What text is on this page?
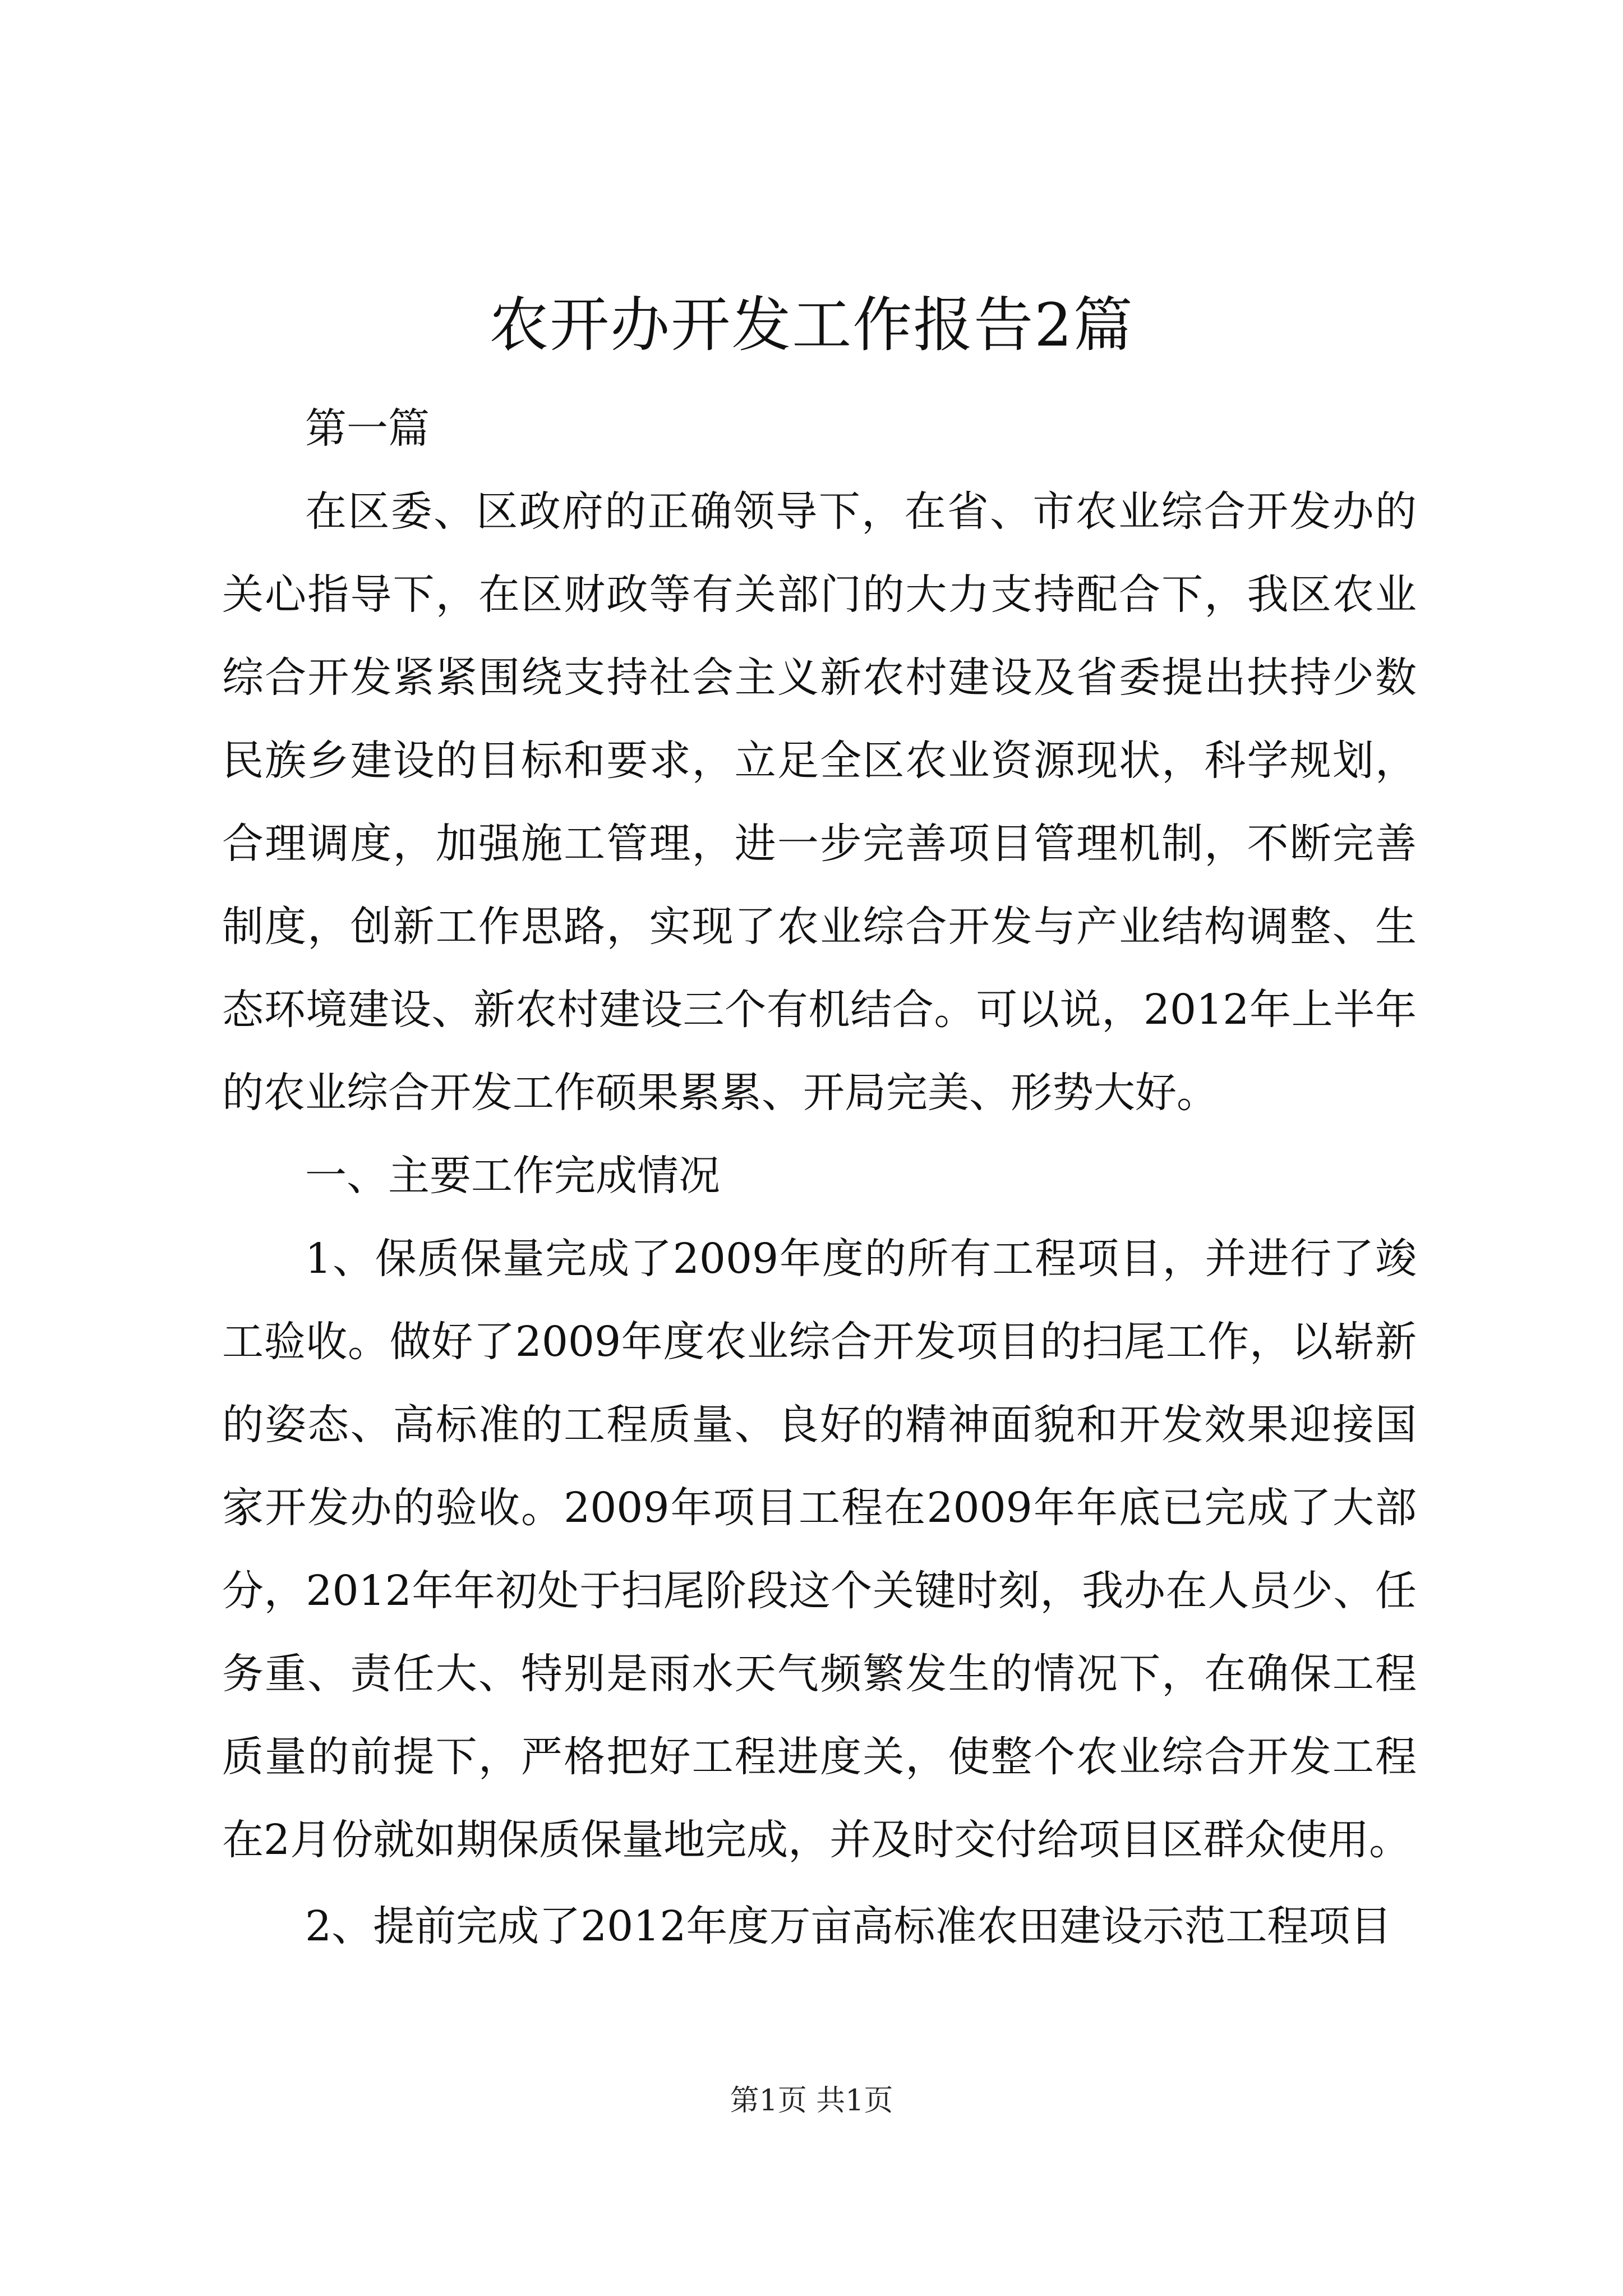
农开办开发工作报告2篇

第一篇

在区委、区政府的正确领导下，在省、市农业综合开发办的关心指导下，在区财政等有关部门的大力支持配合下，我区农业综合开发紧紧围绕支持社会主义新农村建设及省委提出扶持少数民族乡建设的目标和要求，立足全区农业资源现状，科学规划，合理调度，加强施工管理，进一步完善项目管理机制，不断完善制度，创新工作思路，实现了农业综合开发与产业结构调整、生态环境建设、新农村建设三个有机结合。可以说，2012年上半年的农业综合开发工作硕果累累、开局完美、形势大好。

一、主要工作完成情况

1、保质保量完成了2009年度的所有工程项目，并进行了竣工验收。做好了2009年度农业综合开发项目的扫尾工作，以崭新的姿态、高标准的工程质量、良好的精神面貌和开发效果迎接国家开发办的验收。2009年项目工程在2009年年底已完成了大部分，2012年年初处于扫尾阶段这个关键时刻，我办在人员少、任务重、责任大、特别是雨水天气频繁发生的情况下，在确保工程质量的前提下，严格把好工程进度关，使整个农业综合开发工程在2月份就如期保质保量地完成，并及时交付给项目区群众使用。

2、提前完成了2012年度万亩高标准农田建设示范工程项目

第1页 共1页
